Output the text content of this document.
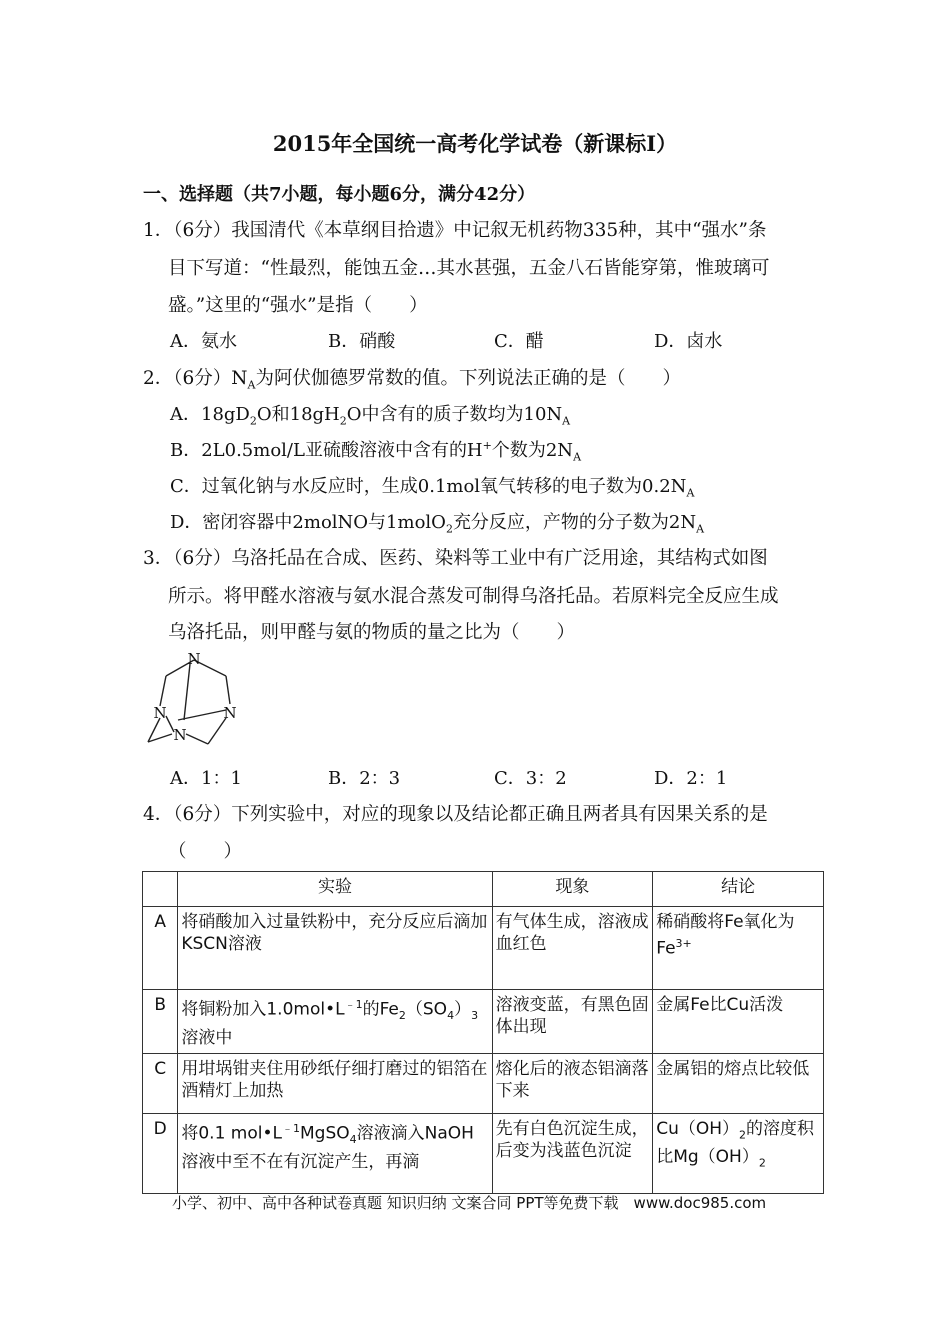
2015年全国统一高考化学试卷（新课标I）
一、选择题（共7小题，每小题6分，满分42分）
1．（6分）我国清代《本草纲目拾遗》中记叙无机药物335种，其中“强水”条
目下写道：“性最烈，能蚀五金…其水甚强，五金八石皆能穿第，惟玻璃可
盛。”这里的“强水”是指（　　）
A．氨水	B．硝酸	C．醋	D．卤水
2．（6分）$N_A$为阿伏伽德罗常数的值。下列说法正确的是（　　）
A．$18gD_2O$和$18gH_2O$中含有的质子数均为$10N_A$
B．2L0.5mol/L亚硫酸溶液中含有的H+个数为$2N_A$
C．过氧化钠与水反应时，生成0.1mol氧气转移的电子数为$0.2N_A$
D．密闭容器中2molNO与1molO$_2$充分反应，产物的分子数为$2N_A$
3．（6分）乌洛托品在合成、医药、染料等工业中有广泛用途，其结构式如图
所示。将甲醛水溶液与氨水混合蒸发可制得乌洛托品。若原料完全反应生成
乌洛托品，则甲醛与氨的物质的量之比为（　　）
N
N	N
N
A．1：1	B．2：3	C．3：2	D．2：1
4．（6分）下列实验中，对应的现象以及结论都正确且两者具有因果关系的是
（　　）
	实验	现象	结论
A	将硝酸加入过量铁粉中，充分反应后滴加KSCN溶液	有气体生成，溶液成血红色	稀硝酸将Fe氧化为
$Fe^{3+}$
B	将铜粉加入$1.0mol•L^{﹣1}$的$Fe_2(SO_4)_3$溶液中	溶液变蓝，有黑色固体出现	金属Fe比Cu活泼
C	用坩埚钳夹住用砂纸仔细打磨过的铝箔在酒精灯上加热	熔化后的液态铝滴落下来	金属铝的熔点比较低
D	将0.1 $mol•L^{﹣1}MgSO_4$溶液滴入NaOH溶液中至不在有沉淀产生，再滴	先有白色沉淀生成，后变为浅蓝色沉淀	$Cu(OH)_2$的溶度积比$Mg(OH)_2$
小学、初中、高中各种试卷真题 知识归纳 文案合同 PPT等免费下载　www.doc985.com
